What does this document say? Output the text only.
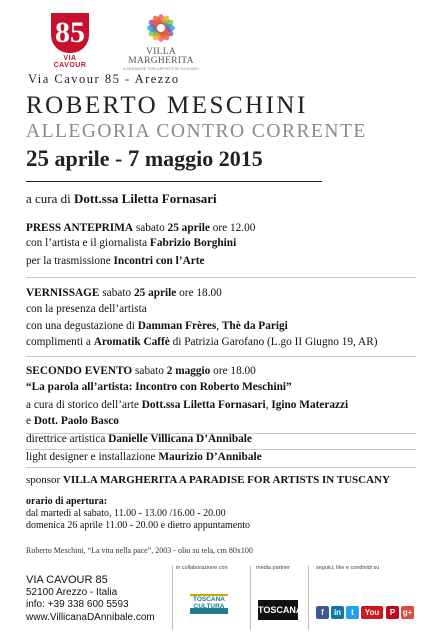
85
VIA CAVOUR
VILLA
MARGHERITA
A PARADISE FOR ARTISTS IN TUSCANY
Via Cavour 85 - Arezzo
ROBERTO MESCHINI
ALLEGORIA CONTRO CORRENTE
25 aprile - 7 maggio 2015
a cura di Dott.ssa Liletta Fornasari
PRESS ANTEPRIMA sabato 25 aprile ore 12.00
con l’artista e il giornalista Fabrizio Borghini
per la trasmissione Incontri con l’Arte
VERNISSAGE sabato 25 aprile ore 18.00
con la presenza dell’artista
con una degustazione di Damman Frères, Thè da Parigi
complimenti a Aromatik Caffè di Patrizia Garofano (L.go II Giugno 19, AR)
SECONDO EVENTO sabato 2 maggio ore 18.00
“La parola all’artista: Incontro con Roberto Meschini”
a cura di storico dell’arte Dott.ssa Liletta Fornasari, Igino Materazzi
e Dott. Paolo Basco
direttrice artistica Danielle Villicana D’Annibale
light designer e installazione Maurizio D’Annibale
sponsor VILLA MARGHERITA A PARADISE FOR ARTISTS IN TUSCANY
orario di apertura:
dal martedì al sabato, 11.00 - 13.00 /16.00 - 20.00
domenica 26 aprile 11.00 - 20.00 e dietro appuntamento
Roberto Meschini, “La vita nella pace”, 2003 - olio su tela, cm 80x100
VIA CAVOUR 85
52100 Arezzo - Italia
info: +39 338 600 5593
www.VillicanaDAnnibale.com
in collaborazione con
TOSCANA CULTURA
media partner
TOSCANA
seguici, like e condividi su
f	in	t	You	P g+
